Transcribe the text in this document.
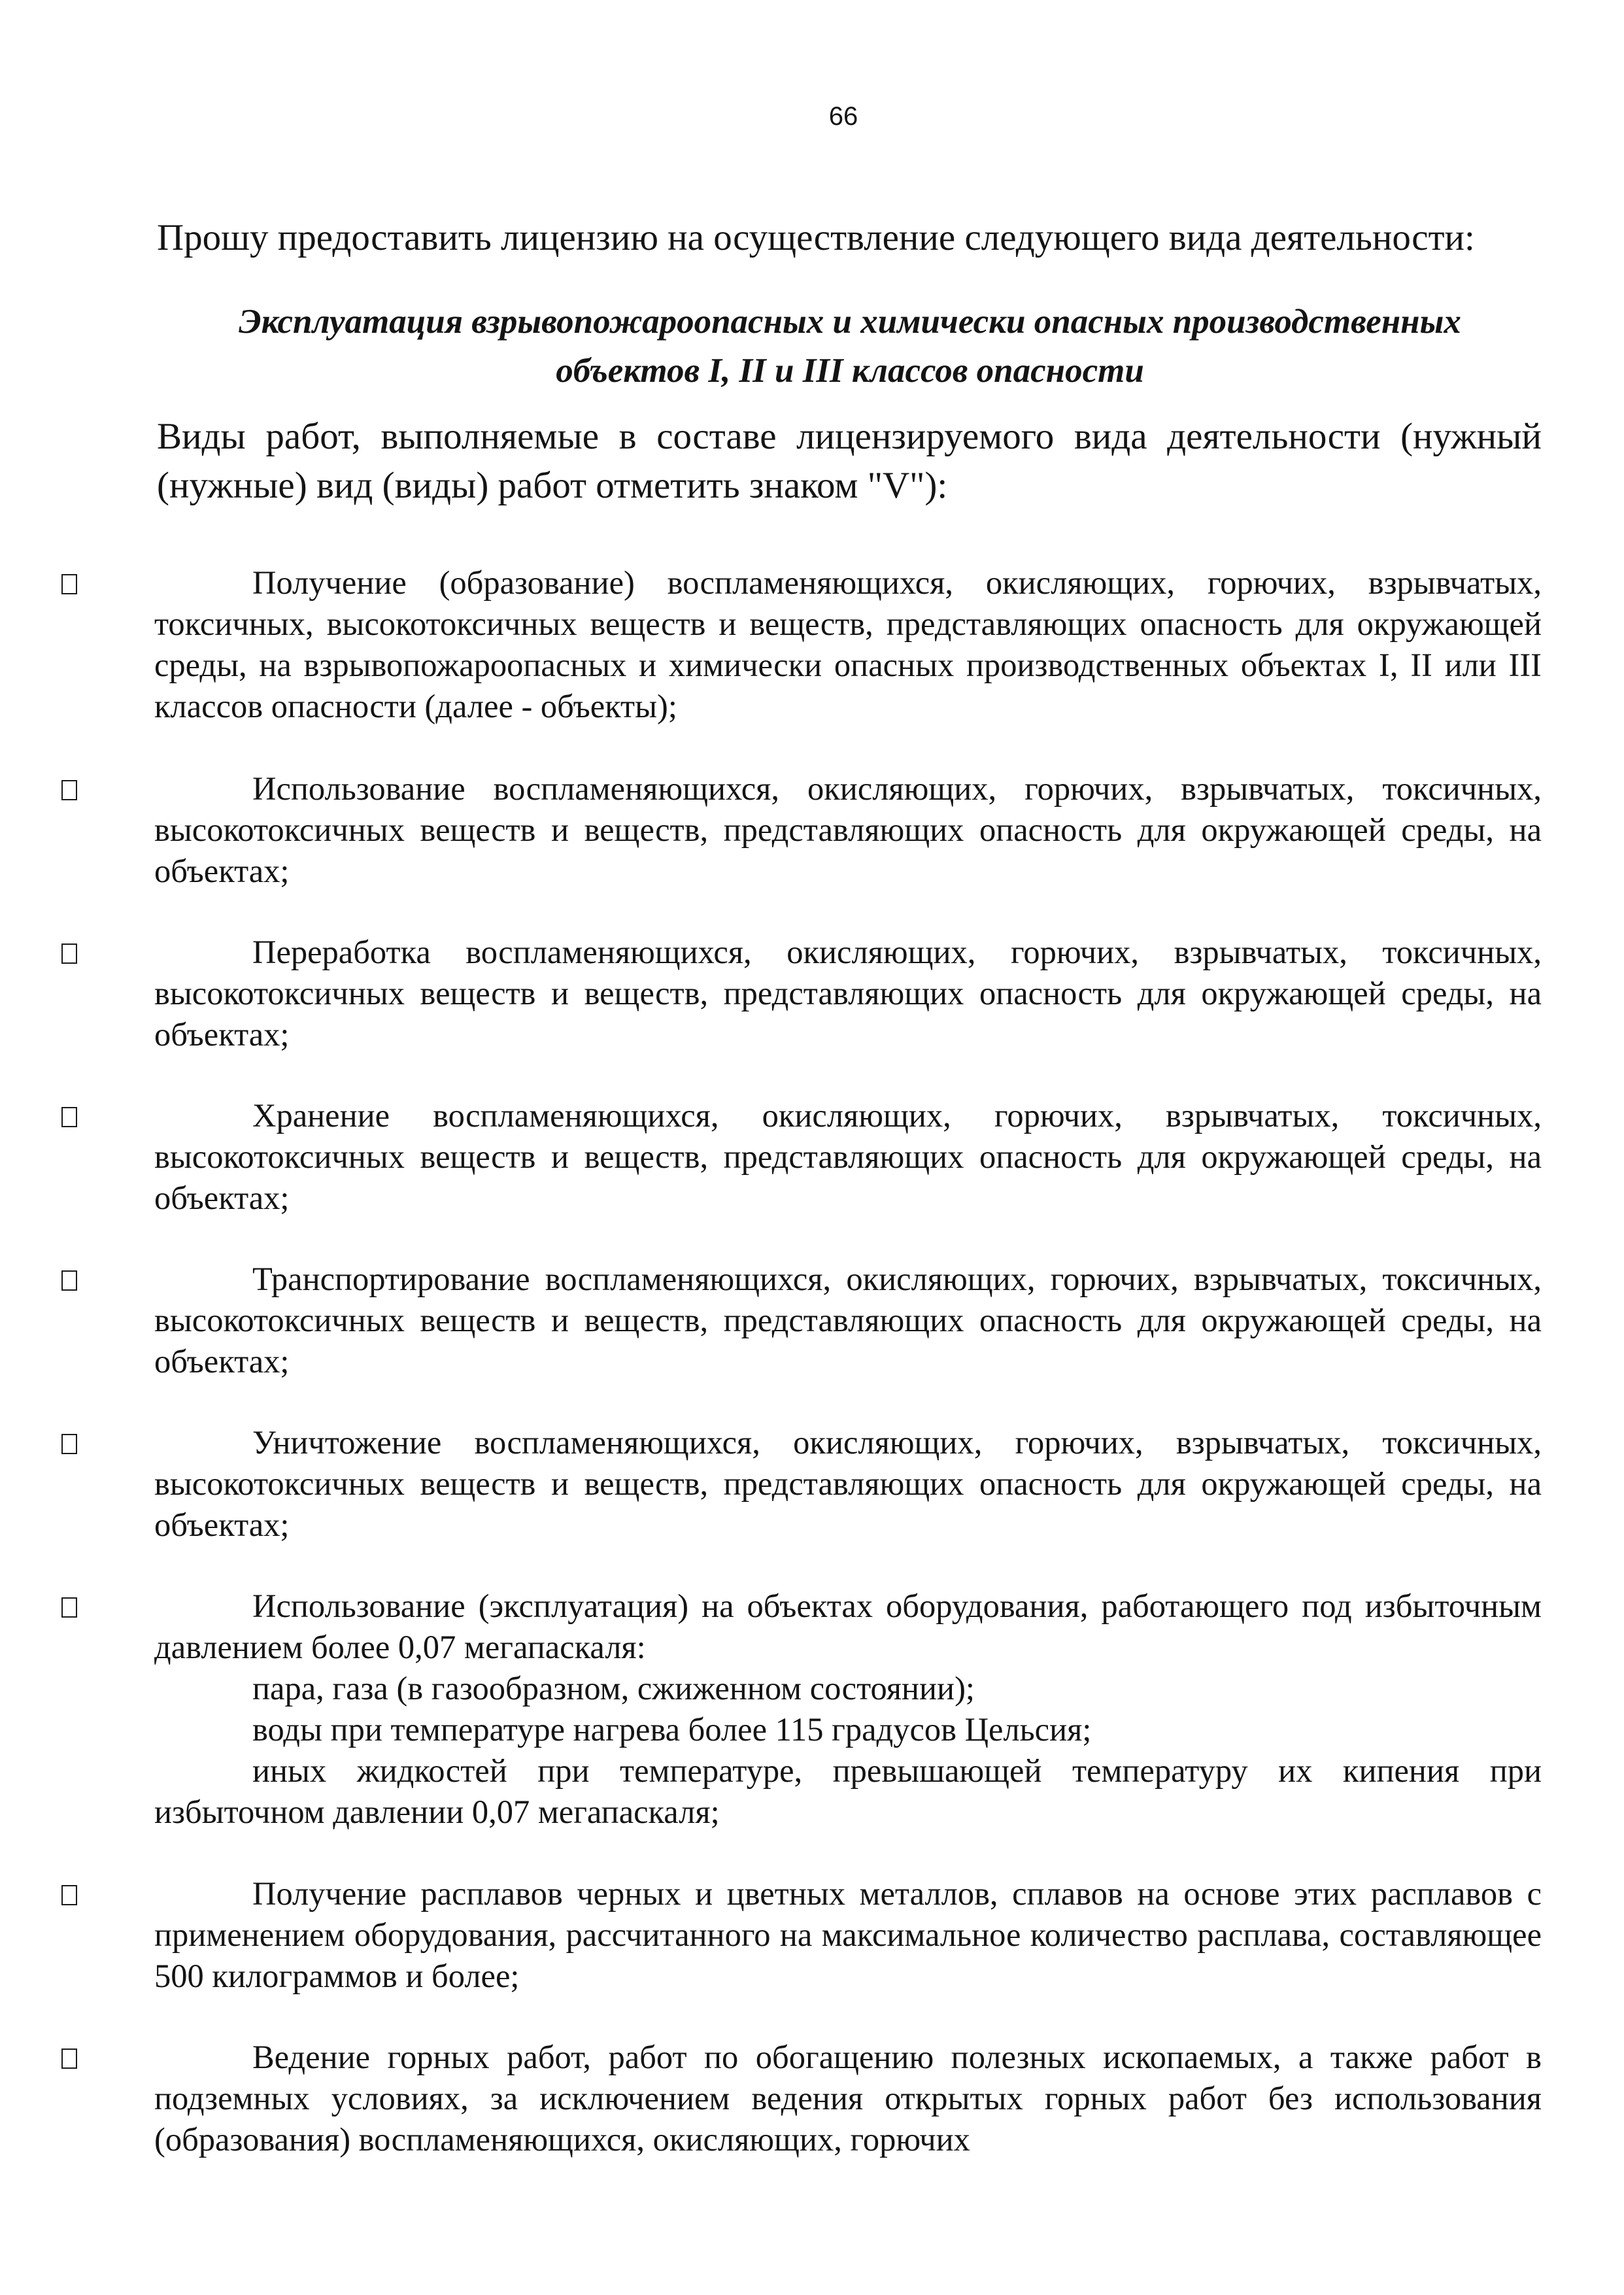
66
Прошу предоставить лицензию на осуществление следующего вида деятельности:
Эксплуатация взрывопожароопасных и химически опасных производственных
объектов I, II и III классов опасности
Виды работ, выполняемые в составе лицензируемого вида деятельности (нужный (нужные) вид (виды) работ отметить знаком "V"):
Получение (образование) воспламеняющихся, окисляющих, горючих, взрывчатых, токсичных, высокотоксичных веществ и веществ, представляющих опасность для окружающей среды, на взрывопожароопасных и химически опасных производственных объектах I, II или III классов опасности (далее - объекты);
Использование воспламеняющихся, окисляющих, горючих, взрывчатых, токсичных, высокотоксичных веществ и веществ, представляющих опасность для окружающей среды, на объектах;
Переработка воспламеняющихся, окисляющих, горючих, взрывчатых, токсичных, высокотоксичных веществ и веществ, представляющих опасность для окружающей среды, на объектах;
Хранение воспламеняющихся, окисляющих, горючих, взрывчатых, токсичных, высокотоксичных веществ и веществ, представляющих опасность для окружающей среды, на объектах;
Транспортирование воспламеняющихся, окисляющих, горючих, взрывчатых, токсичных, высокотоксичных веществ и веществ, представляющих опасность для окружающей среды, на объектах;
Уничтожение воспламеняющихся, окисляющих, горючих, взрывчатых, токсичных, высокотоксичных веществ и веществ, представляющих опасность для окружающей среды, на объектах;
Использование (эксплуатация) на объектах оборудования, работающего под избыточным давлением более 0,07 мегапаскаля:
пара, газа (в газообразном, сжиженном состоянии);
воды при температуре нагрева более 115 градусов Цельсия;
иных жидкостей при температуре, превышающей температуру их кипения при избыточном давлении 0,07 мегапаскаля;
Получение расплавов черных и цветных металлов, сплавов на основе этих расплавов с применением оборудования, рассчитанного на максимальное количество расплава, составляющее 500 килограммов и более;
Ведение горных работ, работ по обогащению полезных ископаемых, а также работ в подземных условиях, за исключением ведения открытых горных работ без использования (образования) воспламеняющихся, окисляющих, горючих
